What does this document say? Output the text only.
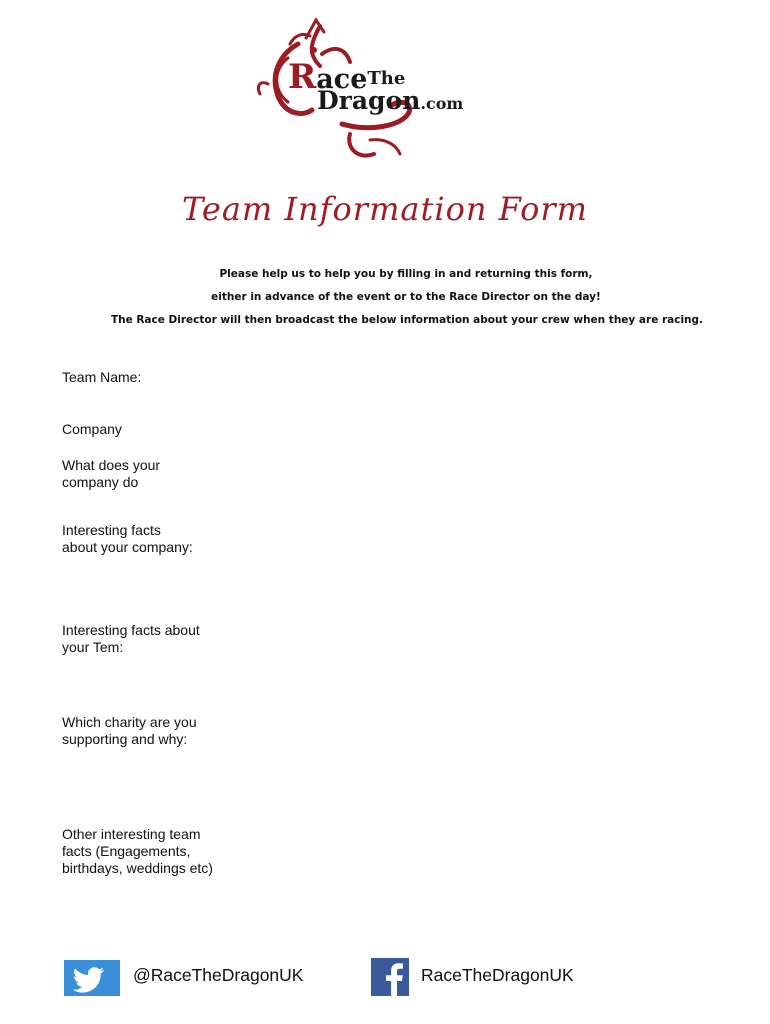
RaceThe
Dragon.com
Team Information Form
Please help us to help you by filling in and returning this form,
either in advance of the event or to the Race Director on the day!
The Race Director will then broadcast the below information about your crew when they are racing.
Team Name:
Company
What does your
company do
Interesting facts
about your company:
Interesting facts about
your Tem:
Which charity are you
supporting and why:
Other interesting team
facts (Engagements,
birthdays, weddings etc)
@RaceTheDragonUK	RaceTheDragonUK
